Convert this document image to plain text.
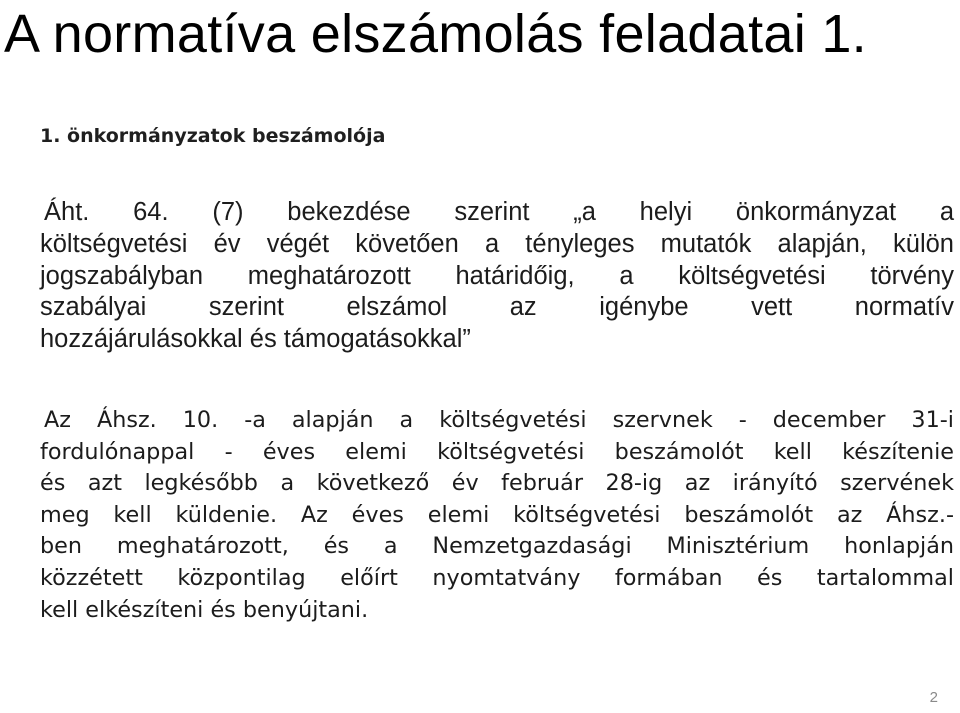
A normatíva elszámolás feladatai 1.

1. önkormányzatok beszámolója

Áht. 64. (7) bekezdése szerint „a helyi önkormányzat a
költségvetési év végét követően a tényleges mutatók alapján, külön
jogszabályban meghatározott határidőig, a költségvetési törvény
szabályai szerint elszámol az igénybe vett normatív
hozzájárulásokkal és támogatásokkal”
Az Áhsz. 10. -a alapján a költségvetési szervnek - december 31-i
fordulónappal - éves elemi költségvetési beszámolót kell készítenie
és azt legkésőbb a következő év február 28-ig az irányító szervének
meg kell küldenie. Az éves elemi költségvetési beszámolót az Áhsz.-
ben meghatározott, és a Nemzetgazdasági Minisztérium honlapján
közzétett központilag előírt nyomtatvány formában és tartalommal
kell elkészíteni és benyújtani.

2
